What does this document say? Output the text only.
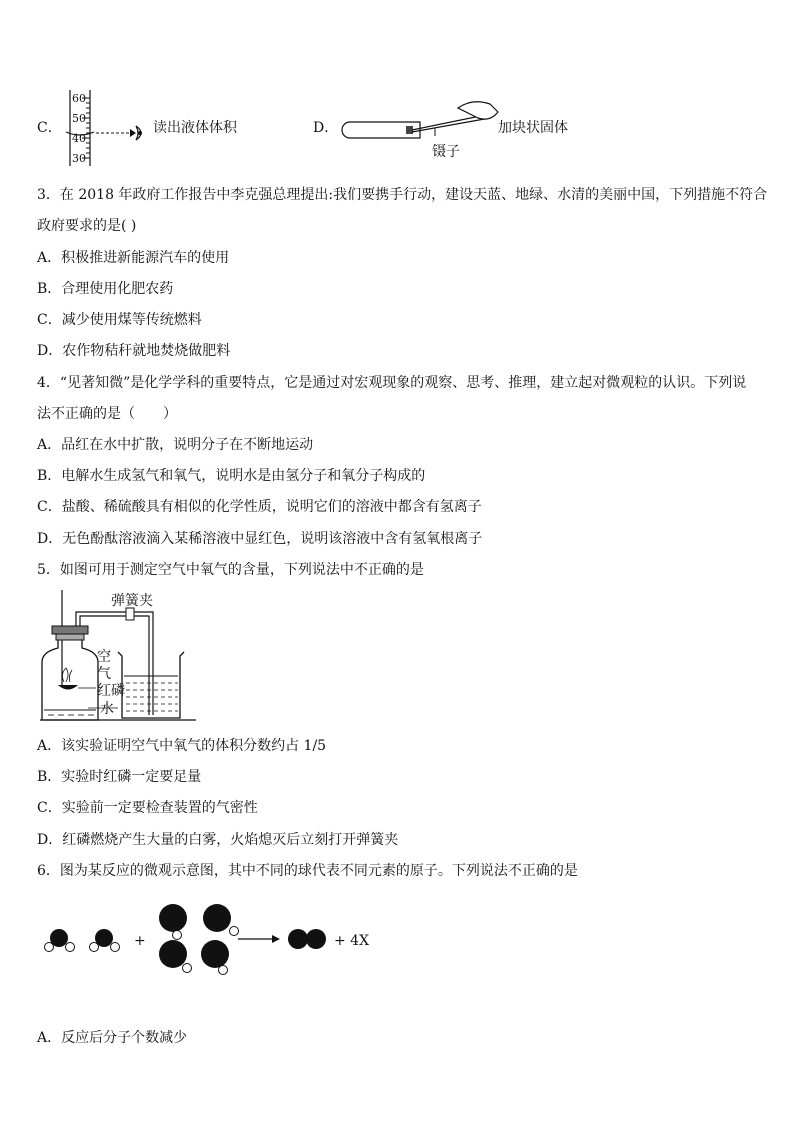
C．
60
50
40
30
读出液体体积	D．	加块状固体
镊子
3．在 2018 年政府工作报告中李克强总理提出:我们要携手行动，建设天蓝、地绿、水清的美丽中国，下列措施不符合
政府要求的是( )
A．积极推进新能源汽车的使用
B．合理使用化肥农药
C．减少使用煤等传统燃料
D．农作物秸秆就地焚烧做肥料
4．“见著知微”是化学学科的重要特点，它是通过对宏观现象的观察、思考、推理，建立起对微观粒的认识。下列说
法不正确的是（　　）
A．品红在水中扩散，说明分子在不断地运动
B．电解水生成氢气和氧气，说明水是由氢分子和氧分子构成的
C．盐酸、稀硫酸具有相似的化学性质，说明它们的溶液中都含有氢离子
D．无色酚酞溶液滴入某稀溶液中显红色，说明该溶液中含有氢氧根离子
5．如图可用于测定空气中氧气的含量，下列说法中不正确的是
弹簧夹
空
气
红磷
水
A．该实验证明空气中氧气的体积分数约占 1/5
B．实验时红磷一定要足量
C．实验前一定要检查装置的气密性
D．红磷燃烧产生大量的白雾，火焰熄灭后立刻打开弹簧夹
6．图为某反应的微观示意图，其中不同的球代表不同元素的原子。下列说法不正确的是
+	+ 4X
A．反应后分子个数减少
